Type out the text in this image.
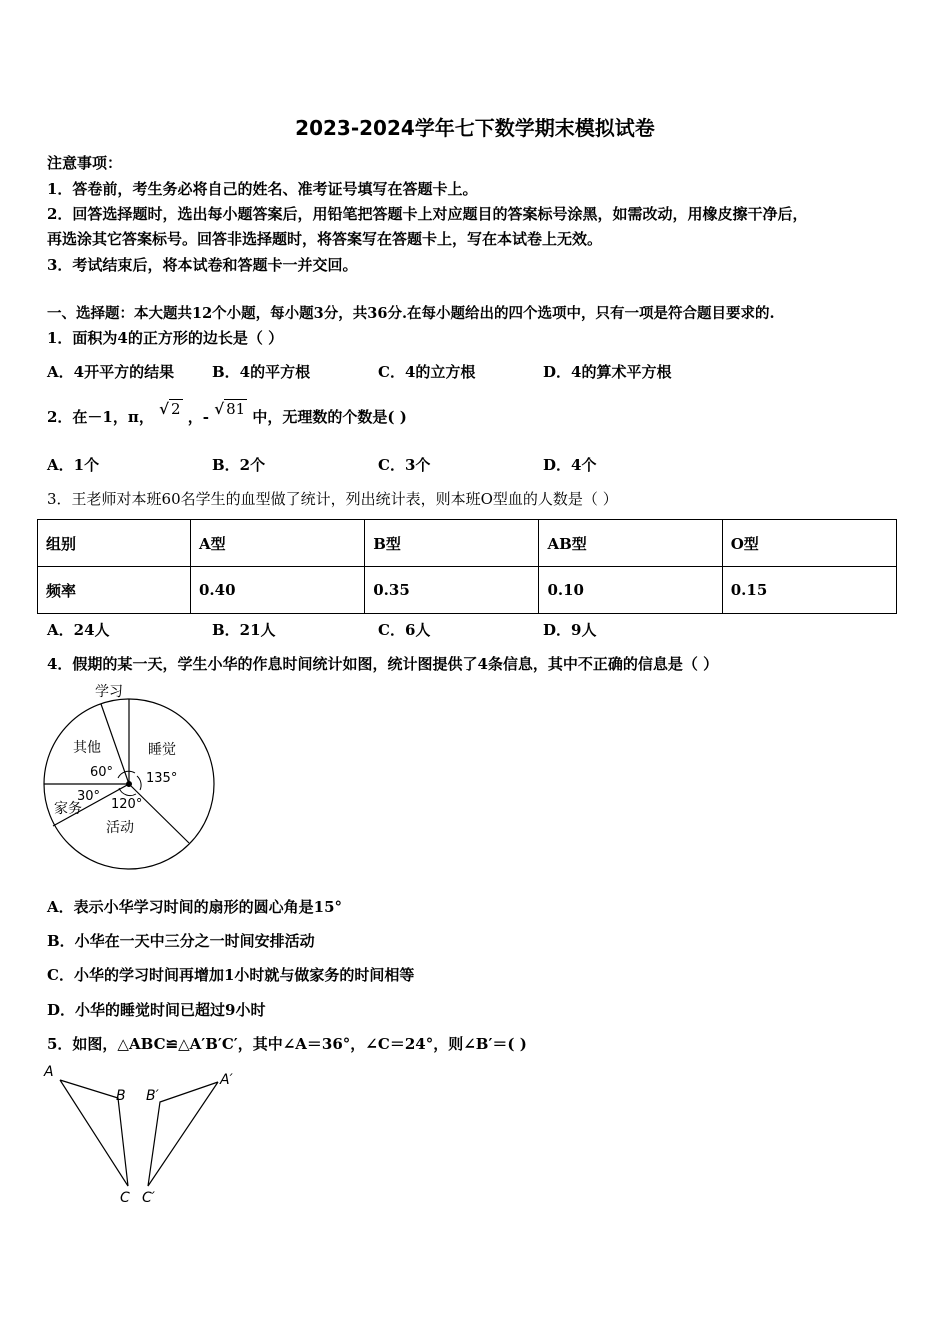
2023-2024学年七下数学期末模拟试卷
注意事项：
1．答卷前，考生务必将自己的姓名、准考证号填写在答题卡上。
2．回答选择题时，选出每小题答案后，用铅笔把答题卡上对应题目的答案标号涂黑，如需改动，用橡皮擦干净后，
再选涂其它答案标号。回答非选择题时，将答案写在答题卡上，写在本试卷上无效。
3．考试结束后，将本试卷和答题卡一并交回。
一、选择题：本大题共12个小题，每小题3分，共36分.在每小题给出的四个选项中，只有一项是符合题目要求的.
1．面积为4的正方形的边长是（ ）
A．4开平方的结果	B．4的平方根	C．4的立方根	D．4的算术平方根
2．在－1，π， √ 2 ，- √ 81 中，无理数的个数是( )
A．1个	B．2个	C．3个	D．4个
3．王老师对本班60名学生的血型做了统计，列出统计表，则本班O型血的人数是（ ）
组别	A型	B型	AB型	O型
频率	0.40	0.35	0.10	0.15
A．24人	B．21人	C．6人	D．9人
4．假期的某一天，学生小华的作息时间统计如图，统计图提供了4条信息，其中不正确的信息是（ ）
学习
其他	睡觉
家务
活动
60°	135°
30°
120°
A．表示小华学习时间的扇形的圆心角是15°
B．小华在一天中三分之一时间安排活动
C．小华的学习时间再增加1小时就与做家务的时间相等
D．小华的睡觉时间已超过9小时
5．如图，△ABC≌△A′B′C′，其中∠A＝36°，∠C＝24°，则∠B′＝( )
A
B
C
B′
A′
C′
